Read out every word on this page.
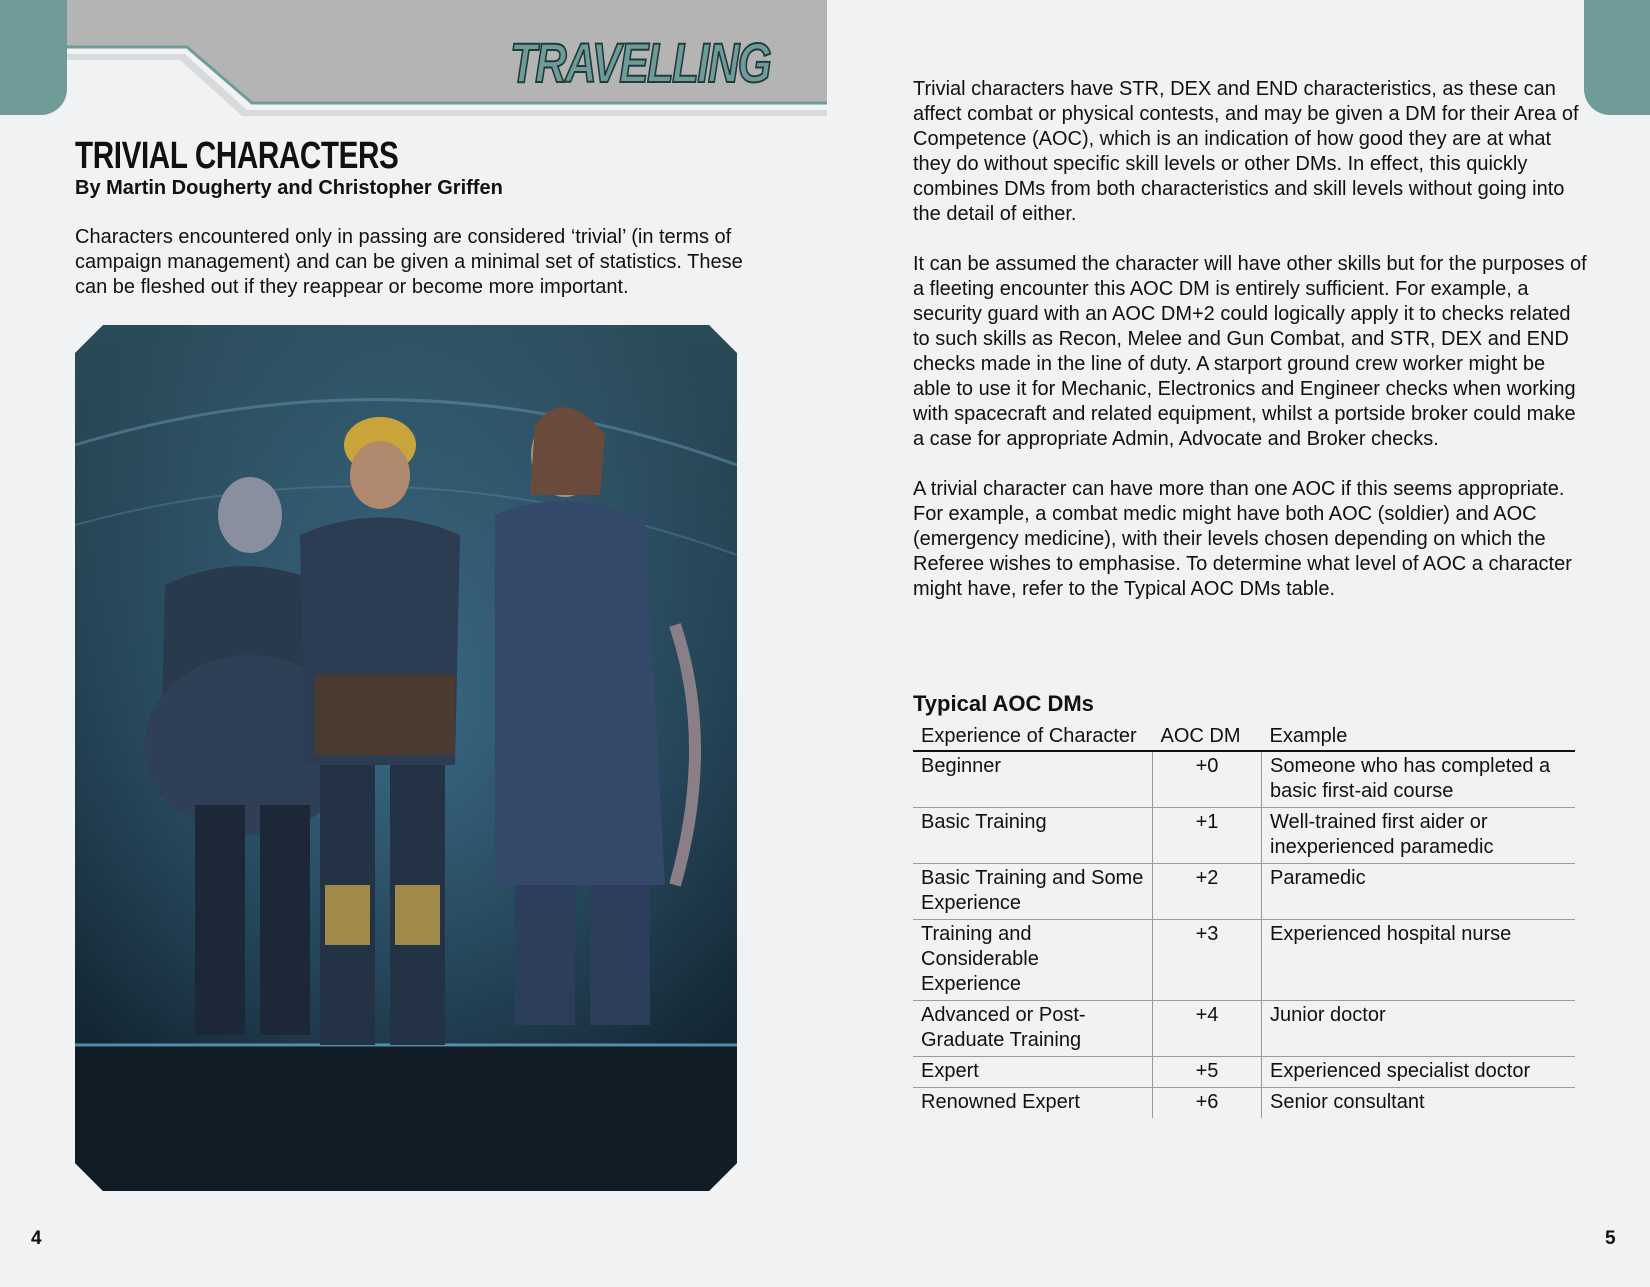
TRAVELLING
TRIVIAL CHARACTERS

By Martin Dougherty and Christopher Griffen

Characters encountered only in passing are considered ‘trivial’ (in terms of campaign management) and can be given a minimal set of statistics. These can be fleshed out if they reappear or become more important.

Trivial characters have STR, DEX and END characteristics, as these can affect combat or physical contests, and may be given a DM for their Area of Competence (AOC), which is an indication of how good they are at what they do without specific skill levels or other DMs. In effect, this quickly combines DMs from both characteristics and skill levels without going into the detail of either.

It can be assumed the character will have other skills but for the purposes of a fleeting encounter this AOC DM is entirely sufficient. For example, a security guard with an AOC DM+2 could logically apply it to checks related to such skills as Recon, Melee and Gun Combat, and STR, DEX and END checks made in the line of duty. A starport ground crew worker might be able to use it for Mechanic, Electronics and Engineer checks when working with spacecraft and related equipment, whilst a portside broker could make a case for appropriate Admin, Advocate and Broker checks.

A trivial character can have more than one AOC if this seems appropriate. For example, a combat medic might have both AOC (soldier) and AOC (emergency medicine), with their levels chosen depending on which the Referee wishes to emphasise. To determine what level of AOC a character might have, refer to the Typical AOC DMs table.

Typical AOC DMs
Experience of Character	AOC DM	Example
Beginner	+0	Someone who has completed a basic first-aid course
Basic Training	+1	Well-trained first aider or inexperienced paramedic
Basic Training and Some Experience	+2	Paramedic
Training and Considerable Experience	+3	Experienced hospital nurse
Advanced or Post-Graduate Training	+4	Junior doctor
Expert	+5	Experienced specialist doctor
Renowned Expert	+6	Senior consultant

4	5
